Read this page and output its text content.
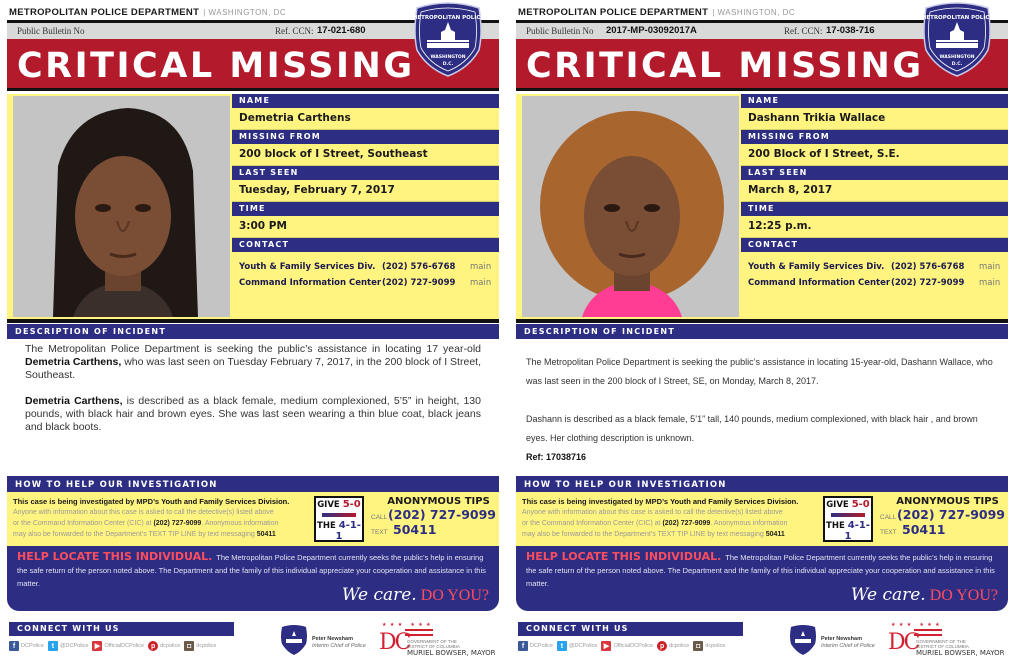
METROPOLITAN POLICE DEPARTMENT | WASHINGTON, DC
Public Bulletin No	Ref. CCN: 17-021-680
CRITICAL MISSING
METROPOLITAN POLICE
WASHINGTON
D.C.
NAME
Demetria Carthens
MISSING FROM
200 block of I Street, Southeast
LAST SEEN
Tuesday, February 7, 2017
TIME
3:00 PM
CONTACT
Youth & Family Services Div. (202) 576-6768	main
Command Information Center (202) 727-9099	main
DESCRIPTION OF INCIDENT

The Metropolitan Police Department is seeking the public’s assistance in locating 17 year-old Demetria Carthens, who was last seen on Tuesday February 7, 2017, in the 200 block of I Street, Southeast.

Demetria Carthens, is described as a black female, medium complexioned, 5’5” in height, 130 pounds, with black hair and brown eyes. She was last seen wearing a thin blue coat, black jeans and black boots.

HOW TO HELP OUR INVESTIGATION
This case is being investigated by MPD’s Youth and Family Services Division.
Anyone with information about this case is asked to call the detective(s) listed above
or the Command Information Center (CIC) at (202) 727-9099. Anonymous information
may also be forwarded to the Department’s TEXT TIP LINE by text messaging 50411
GIVE 5-0
THE 4-1-1
ANONYMOUS TIPS
CALL (202) 727-9099
TEXT 50411
HELP LOCATE THIS INDIVIDUAL. The Metropolitan Police Department currently seeks the public’s help in ensuring the safe return of the person noted above. The Department and the family of this individual appreciate your cooperation and assistance in this matter.
We care. DO YOU?
CONNECT WITH US
f	DCPolice	t	@DCPolice ▶ OfficialDCPolice p dcpolice ◘ dcpolice
Peter Newsham
Interim Chief of Police
★ ★ ★   ★ ★ ★
DC
GOVERNMENT OF THE
DISTRICT OF COLUMBIA
MURIEL BOWSER, MAYOR
METROPOLITAN POLICE DEPARTMENT | WASHINGTON, DC
Public Bulletin No 2017-MP-03092017A	Ref. CCN: 17-038-716
CRITICAL MISSING
METROPOLITAN POLICE
WASHINGTON
D.C.
NAME
Dashann Trikia Wallace
MISSING FROM
200 Block of I Street, S.E.
LAST SEEN
March 8, 2017
TIME
12:25 p.m.
CONTACT
Youth & Family Services Div. (202) 576-6768	main
Command Information Center (202) 727-9099	main
DESCRIPTION OF INCIDENT

The Metropolitan Police Department is seeking the public’s assistance in locating 15-year-old, Dashann Wallace, who was last seen in the 200 block of I Street, SE, on Monday, March 8, 2017.

Dashann is described as a black female, 5’1” tall, 140 pounds, medium complexioned, with black hair , and brown eyes. Her clothing description is unknown.

Ref: 17038716
HOW TO HELP OUR INVESTIGATION
This case is being investigated by MPD’s Youth and Family Services Division.
Anyone with information about this case is asked to call the detective(s) listed above
or the Command Information Center (CIC) at (202) 727-9099. Anonymous information
may also be forwarded to the Department’s TEXT TIP LINE by text messaging 50411
GIVE 5-0
THE 4-1-1
ANONYMOUS TIPS
CALL (202) 727-9099
TEXT 50411
HELP LOCATE THIS INDIVIDUAL. The Metropolitan Police Department currently seeks the public’s help in ensuring the safe return of the person noted above. The Department and the family of this individual appreciate your cooperation and assistance in this matter.
We care. DO YOU?
CONNECT WITH US
f	DCPolice	t	@DCPolice ▶ OfficialDCPolice p dcpolice ◘ dcpolice
Peter Newsham
Interim Chief of Police
★ ★ ★   ★ ★ ★
DC
GOVERNMENT OF THE
DISTRICT OF COLUMBIA
MURIEL BOWSER, MAYOR
